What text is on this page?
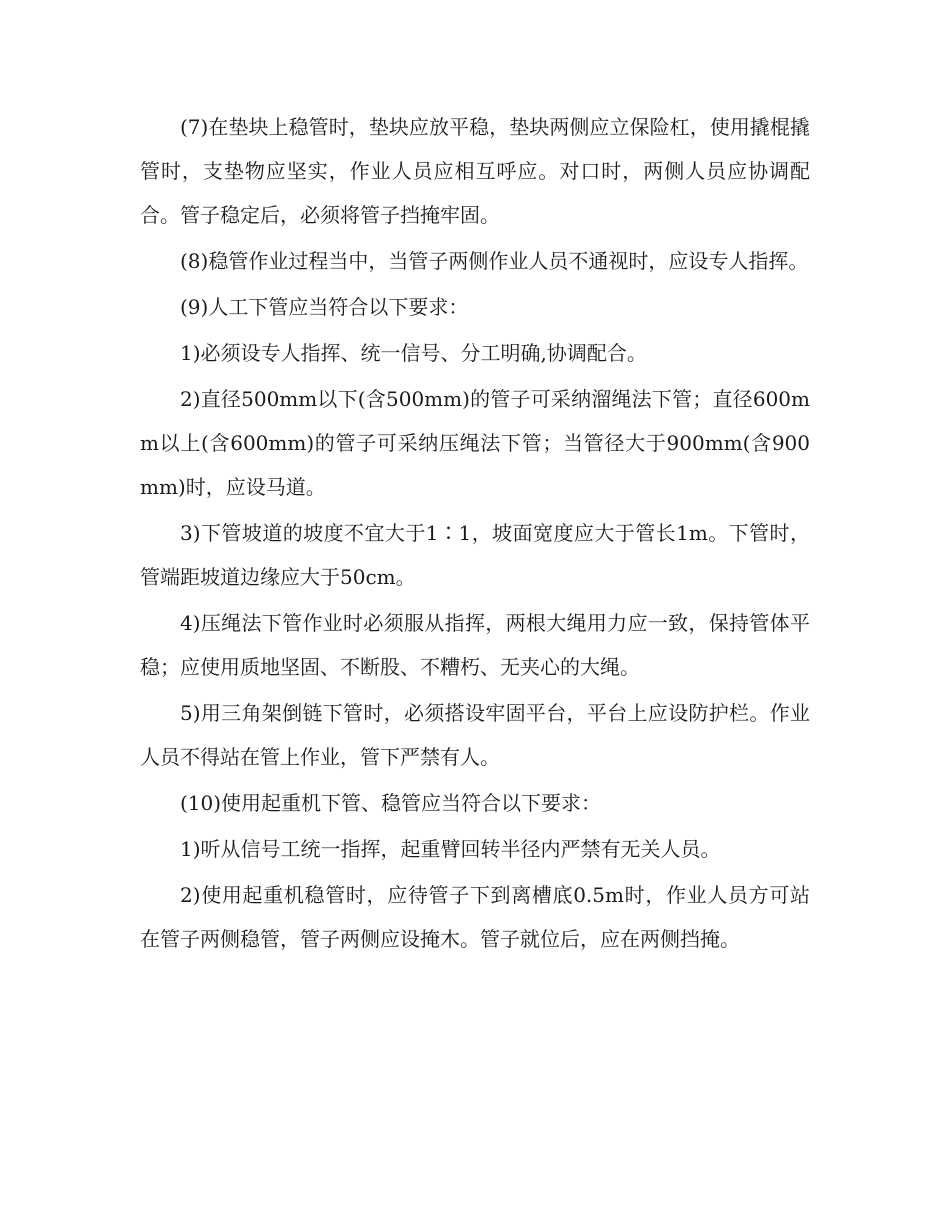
(7)在垫块上稳管时，垫块应放平稳，垫块两侧应立保险杠，使用撬棍撬管时，支垫物应坚实，作业人员应相互呼应。对口时，两侧人员应协调配合。管子稳定后，必须将管子挡掩牢固。

(8)稳管作业过程当中，当管子两侧作业人员不通视时，应设专人指挥。

(9)人工下管应当符合以下要求：

1)必须设专人指挥、统一信号、分工明确,协调配合。

2)直径500mm以下(含500mm)的管子可采纳溜绳法下管；直径600mm以上(含600mm)的管子可采纳压绳法下管；当管径大于900mm(含900mm)时，应设马道。

3)下管坡道的坡度不宜大于1∶1，坡面宽度应大于管长1m。下管时，管端距坡道边缘应大于50cm。

4)压绳法下管作业时必须服从指挥，两根大绳用力应一致，保持管体平稳；应使用质地坚固、不断股、不糟朽、无夹心的大绳。

5)用三角架倒链下管时，必须搭设牢固平台，平台上应设防护栏。作业人员不得站在管上作业，管下严禁有人。

(10)使用起重机下管、稳管应当符合以下要求：

1)听从信号工统一指挥，起重臂回转半径内严禁有无关人员。

2)使用起重机稳管时，应待管子下到离槽底0.5m时，作业人员方可站在管子两侧稳管，管子两侧应设掩木。管子就位后，应在两侧挡掩。
